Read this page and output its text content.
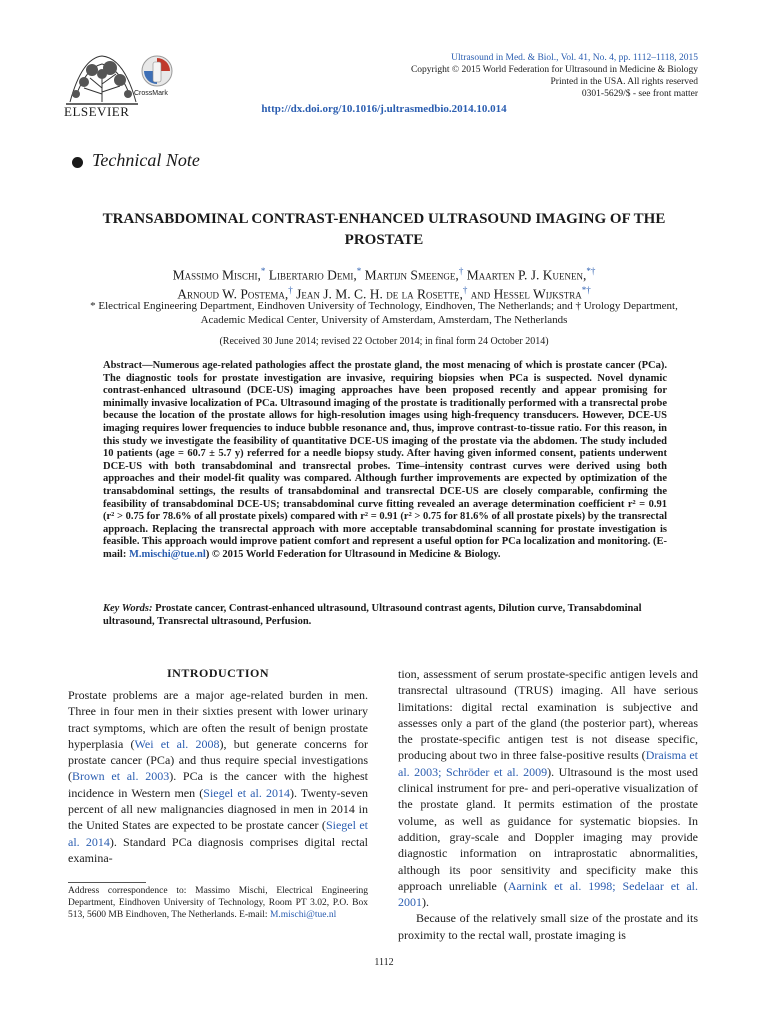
ELSEVIER
CrossMark
Ultrasound in Med. & Biol., Vol. 41, No. 4, pp. 1112–1118, 2015
Copyright © 2015 World Federation for Ultrasound in Medicine & Biology
Printed in the USA. All rights reserved
0301-5629/$ - see front matter
http://dx.doi.org/10.1016/j.ultrasmedbio.2014.10.014
Technical Note
TRANSABDOMINAL CONTRAST-ENHANCED ULTRASOUND IMAGING OF THE PROSTATE
Massimo Mischi,* Libertario Demi,* Martijn Smeenge,† Maarten P. J. Kuenen,*†
Arnoud W. Postema,† Jean J. M. C. H. de la Rosette,† and Hessel Wijkstra*†
* Electrical Engineering Department, Eindhoven University of Technology, Eindhoven, The Netherlands; and † Urology Department, Academic Medical Center, University of Amsterdam, Amsterdam, The Netherlands
(Received 30 June 2014; revised 22 October 2014; in final form 24 October 2014)
Abstract—Numerous age-related pathologies affect the prostate gland, the most menacing of which is prostate cancer (PCa). The diagnostic tools for prostate investigation are invasive, requiring biopsies when PCa is suspected. Novel dynamic contrast-enhanced ultrasound (DCE-US) imaging approaches have been proposed recently and appear promising for minimally invasive localization of PCa. Ultrasound imaging of the prostate is traditionally performed with a transrectal probe because the location of the prostate allows for high-resolution images using high-frequency transducers. However, DCE-US imaging requires lower frequencies to induce bubble resonance and, thus, improve contrast-to-tissue ratio. For this reason, in this study we investigate the feasibility of quantitative DCE-US imaging of the prostate via the abdomen. The study included 10 patients (age = 60.7 ± 5.7 y) referred for a needle biopsy study. After having given informed consent, patients underwent DCE-US with both transabdominal and transrectal probes. Time–intensity contrast curves were derived using both approaches and their model-fit quality was compared. Although further improvements are expected by optimization of the transabdominal settings, the results of transabdominal and transrectal DCE-US are closely comparable, confirming the feasibility of transabdominal DCE-US; transabdominal curve fitting revealed an average determination coefficient r² = 0.91 (r² > 0.75 for 78.6% of all prostate pixels) compared with r² = 0.91 (r² > 0.75 for 81.6% of all prostate pixels) by the transrectal approach. Replacing the transrectal approach with more acceptable transabdominal scanning for prostate investigation is feasible. This approach would improve patient comfort and represent a useful option for PCa localization and monitoring. (E-mail: M.mischi@tue.nl) © 2015 World Federation for Ultrasound in Medicine & Biology.
Key Words: Prostate cancer, Contrast-enhanced ultrasound, Ultrasound contrast agents, Dilution curve, Transabdominal ultrasound, Transrectal ultrasound, Perfusion.
INTRODUCTION
Prostate problems are a major age-related burden in men. Three in four men in their sixties present with lower urinary tract symptoms, which are often the result of benign prostate hyperplasia (Wei et al. 2008), but generate concerns for prostate cancer (PCa) and thus require special investigations (Brown et al. 2003). PCa is the cancer with the highest incidence in Western men (Siegel et al. 2014). Twenty-seven percent of all new malignancies diagnosed in men in 2014 in the United States are expected to be prostate cancer (Siegel et al. 2014). Standard PCa diagnosis comprises digital rectal examina-
tion, assessment of serum prostate-specific antigen levels and transrectal ultrasound (TRUS) imaging. All have serious limitations: digital rectal examination is subjective and assesses only a part of the gland (the posterior part), whereas the prostate-specific antigen test is not disease specific, producing about two in three false-positive results (Draisma et al. 2003; Schröder et al. 2009). Ultrasound is the most used clinical instrument for pre- and peri-operative visualization of the prostate gland. It permits estimation of the prostate volume, as well as guidance for systematic biopsies. In addition, gray-scale and Doppler imaging may provide diagnostic information on intraprostatic abnormalities, although its poor sensitivity and specificity make this approach unreliable (Aarnink et al. 1998; Sedelaar et al. 2001).
Because of the relatively small size of the prostate and its proximity to the rectal wall, prostate imaging is
Address correspondence to: Massimo Mischi, Electrical Engineering Department, Eindhoven University of Technology, Room PT 3.02, P.O. Box 513, 5600 MB Eindhoven, The Netherlands. E-mail: M.mischi@tue.nl
1112
